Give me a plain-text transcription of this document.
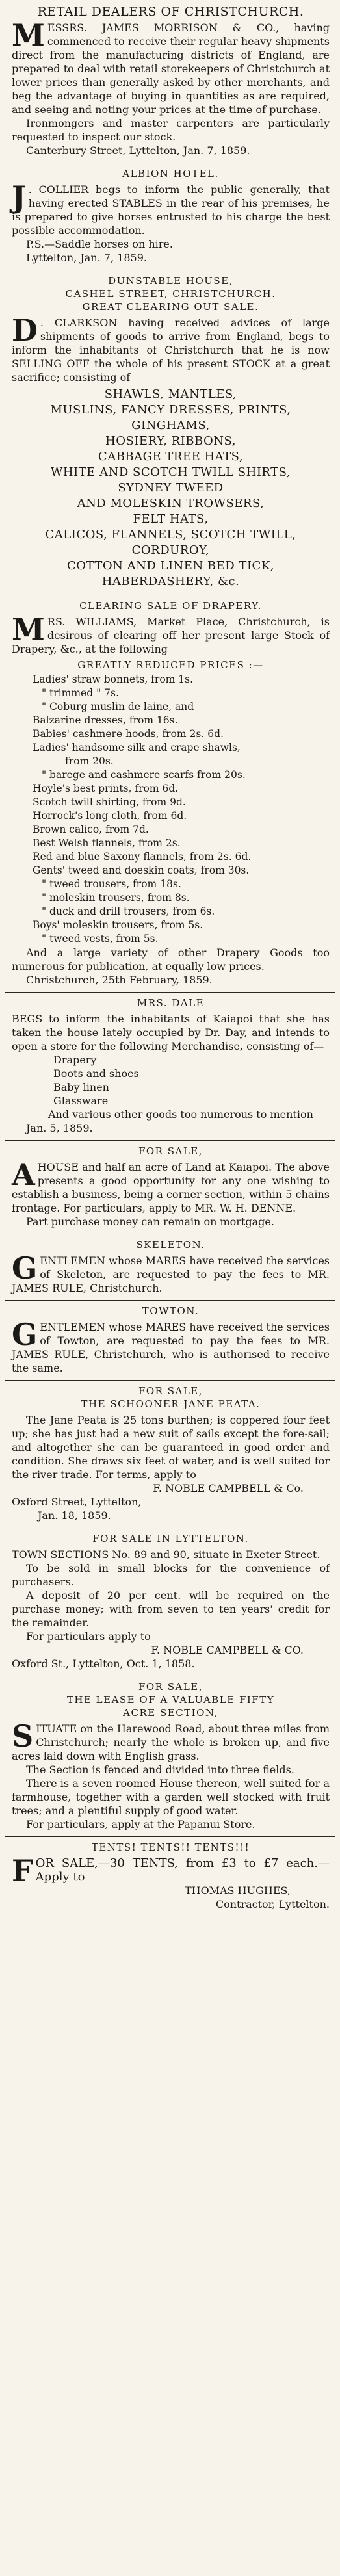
RETAIL DEALERS OF CHRISTCHURCH.

MESSRS. JAMES MORRISON & CO., having commenced to receive their regular heavy shipments direct from the manufacturing districts of England, are prepared to deal with retail storekeepers of Christchurch at lower prices than generally asked by other merchants, and beg the advantage of buying in quantities as are required, and seeing and noting your prices at the time of purchase.

Ironmongers and master carpenters are particularly requested to inspect our stock.

Canterbury Street, Lyttelton, Jan. 7, 1859.

ALBION HOTEL.

J . COLLIER begs to inform the public generally, that having erected STABLES in the rear of his premises, he is prepared to give horses entrusted to his charge the best possible accommodation.

P.S.—Saddle horses on hire.

Lyttelton, Jan. 7, 1859.

DUNSTABLE HOUSE,
CASHEL STREET, CHRISTCHURCH.
GREAT CLEARING OUT SALE.

D . CLARKSON having received advices of large shipments of goods to arrive from England, begs to inform the inhabitants of Christchurch that he is now SELLING OFF the whole of his present STOCK at a great sacrifice; consisting of

SHAWLS, MANTLES,
MUSLINS, FANCY DRESSES, PRINTS,
GINGHAMS,
HOSIERY, RIBBONS,
CABBAGE TREE HATS,
WHITE AND SCOTCH TWILL SHIRTS,
SYDNEY TWEED
AND MOLESKIN TROWSERS,
FELT HATS,
CALICOS, FLANNELS, SCOTCH TWILL,
CORDUROY,
COTTON AND LINEN BED TICK,
HABERDASHERY, &c.
CLEARING SALE OF DRAPERY.

MRS. WILLIAMS, Market Place, Christchurch, is desirous of clearing off her present large Stock of Drapery, &c., at the following

GREATLY REDUCED PRICES :—
Ladies' straw bonnets, from 1s.
" trimmed " 7s.
" Coburg muslin de laine, and
Balzarine dresses, from 16s.
Babies' cashmere hoods, from 2s. 6d.
Ladies' handsome silk and crape shawls,
from 20s.
" barege and cashmere scarfs from 20s.
Hoyle's best prints, from 6d.
Scotch twill shirting, from 9d.
Horrock's long cloth, from 6d.
Brown calico, from 7d.
Best Welsh flannels, from 2s.
Red and blue Saxony flannels, from 2s. 6d.
Gents' tweed and doeskin coats, from 30s.
" tweed trousers, from 18s.
" moleskin trousers, from 8s.
" duck and drill trousers, from 6s.
Boys' moleskin trousers, from 5s.
" tweed vests, from 5s.

And a large variety of other Drapery Goods too numerous for publication, at equally low prices.

Christchurch, 25th February, 1859.

MRS. DALE

BEGS to inform the inhabitants of Kaiapoi that she has taken the house lately occupied by Dr. Day, and intends to open a store for the following Merchandise, consisting of—

Drapery
Boots and shoes
Baby linen
Glassware
And various other goods too numerous to mention

Jan. 5, 1859.

FOR SALE,

AHOUSE and half an acre of Land at Kaiapoi. The above presents a good opportunity for any one wishing to establish a business, being a corner section, within 5 chains frontage. For particulars, apply to MR. W. H. DENNE.

Part purchase money can remain on mortgage.

SKELETON.

GENTLEMEN whose MARES have received the services of Skeleton, are requested to pay the fees to MR. JAMES RULE, Christchurch.

TOWTON.

GENTLEMEN whose MARES have received the services of Towton, are requested to pay the fees to MR. JAMES RULE, Christchurch, who is authorised to receive the same.

FOR SALE,
THE SCHOONER JANE PEATA.

The Jane Peata is 25 tons burthen; is coppered four feet up; she has just had a new suit of sails except the fore-sail; and altogether she can be guaranteed in good order and condition. She draws six feet of water, and is well suited for the river trade. For terms, apply to

F. NOBLE CAMPBELL & Co.

Oxford Street, Lyttelton,

Jan. 18, 1859.

FOR SALE IN LYTTELTON.

TOWN SECTIONS No. 89 and 90, situate in Exeter Street.

To be sold in small blocks for the convenience of purchasers.

A deposit of 20 per cent. will be required on the purchase money; with from seven to ten years' credit for the remainder.

For particulars apply to

F. NOBLE CAMPBELL & CO.

Oxford St., Lyttelton, Oct. 1, 1858.

FOR SALE,
THE LEASE OF A VALUABLE FIFTY
ACRE SECTION,

SITUATE on the Harewood Road, about three miles from Christchurch; nearly the whole is broken up, and five acres laid down with English grass.

The Section is fenced and divided into three fields.

There is a seven roomed House thereon, well suited for a farmhouse, together with a garden well stocked with fruit trees; and a plentiful supply of good water.

For particulars, apply at the Papanui Store.

TENTS! TENTS!! TENTS!!!

FOR SALE,—30 TENTS, from £3 to £7 each.—Apply to

THOMAS HUGHES,
Contractor, Lyttelton.
